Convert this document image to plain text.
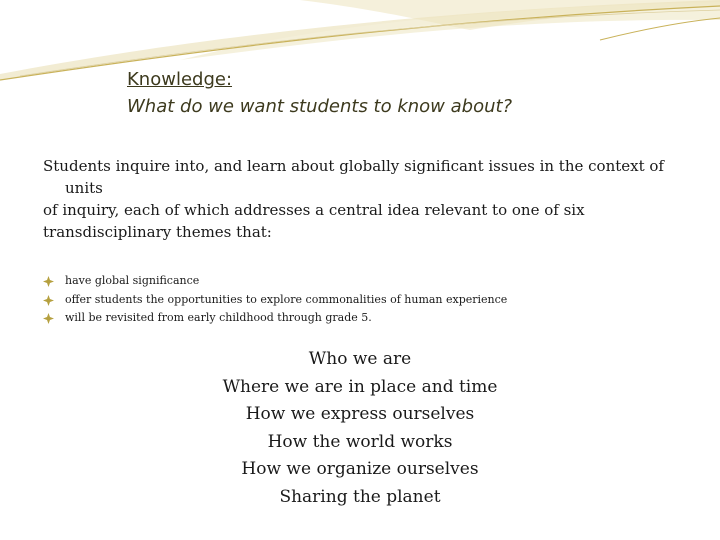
Knowledge:
What do we want students to know about?
Students inquire into, and learn about globally significant issues in the context of
units
of inquiry, each of which addresses a central idea relevant to one of six
transdisciplinary themes that:
have global significance
offer students the opportunities to explore commonalities of human experience
will be revisited from early childhood through grade 5.
Who we are
Where we are in place and time
How we express ourselves
How the world works
How we organize ourselves
Sharing the planet
